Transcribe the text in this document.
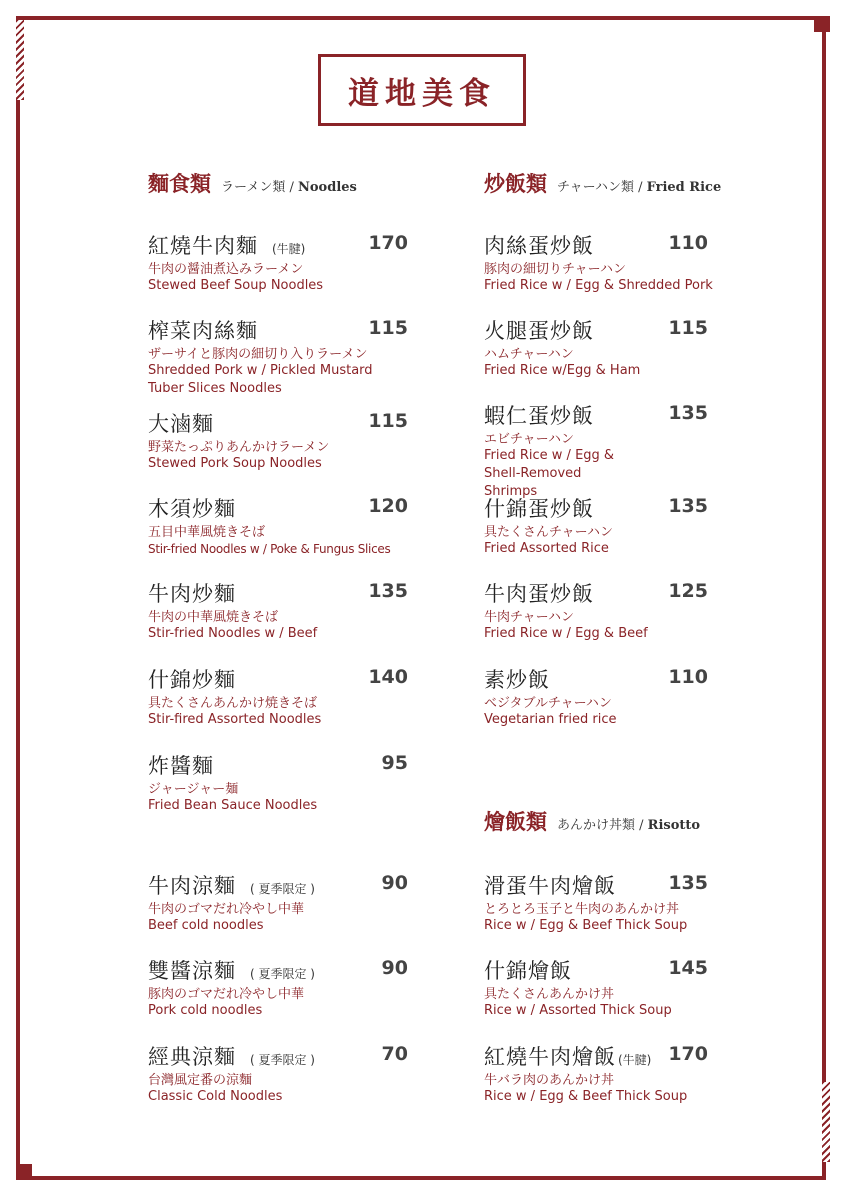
道地美食
麵食類 ラーメン類 / Noodles	炒飯類 チャーハン類 / Fried Rice
燴飯類 あんかけ丼類 / Risotto
紅燒牛肉麵 (牛腱)	170
牛肉の醤油煮込みラーメン
Stewed Beef Soup Noodles
榨菜肉絲麵	115
ザーサイと豚肉の細切り入りラーメン
Shredded Pork w / Pickled Mustard Tuber Slices Noodles
大滷麵	115
野菜たっぷりあんかけラーメン
Stewed Pork Soup Noodles
木須炒麵	120
五目中華風焼きそば
Stir-fried Noodles w / Poke & Fungus Slices
牛肉炒麵	135
牛肉の中華風焼きそば
Stir-fried Noodles w / Beef
什錦炒麵	140
具たくさんあんかけ焼きそば
Stir-fired Assorted Noodles
炸醬麵	95
ジャージャー麺
Fried Bean Sauce Noodles
牛肉涼麵 ( 夏季限定 )	90
牛肉のゴマだれ冷やし中華
Beef cold noodles
雙醬涼麵 ( 夏季限定 )	90
豚肉のゴマだれ冷やし中華
Pork cold noodles
經典涼麵 ( 夏季限定 )	70
台灣風定番の涼麵
Classic Cold Noodles
肉絲蛋炒飯	110
豚肉の細切りチャーハン
Fried Rice w / Egg & Shredded Pork
火腿蛋炒飯	115
ハムチャーハン
Fried Rice w/Egg & Ham
蝦仁蛋炒飯	135
エビチャーハン
Fried Rice w / Egg & Shell-Removed Shrimps
什錦蛋炒飯	135
具たくさんチャーハン
Fried Assorted Rice
牛肉蛋炒飯	125
牛肉チャーハン
Fried Rice w / Egg & Beef
素炒飯	110
ベジタブルチャーハン
Vegetarian fried rice
滑蛋牛肉燴飯	135
とろとろ玉子と牛肉のあんかけ丼
Rice w / Egg & Beef Thick Soup
什錦燴飯	145
具たくさんあんかけ丼
Rice w / Assorted Thick Soup
紅燒牛肉燴飯 (牛腱) 170
牛バラ肉のあんかけ丼
Rice w / Egg & Beef Thick Soup
